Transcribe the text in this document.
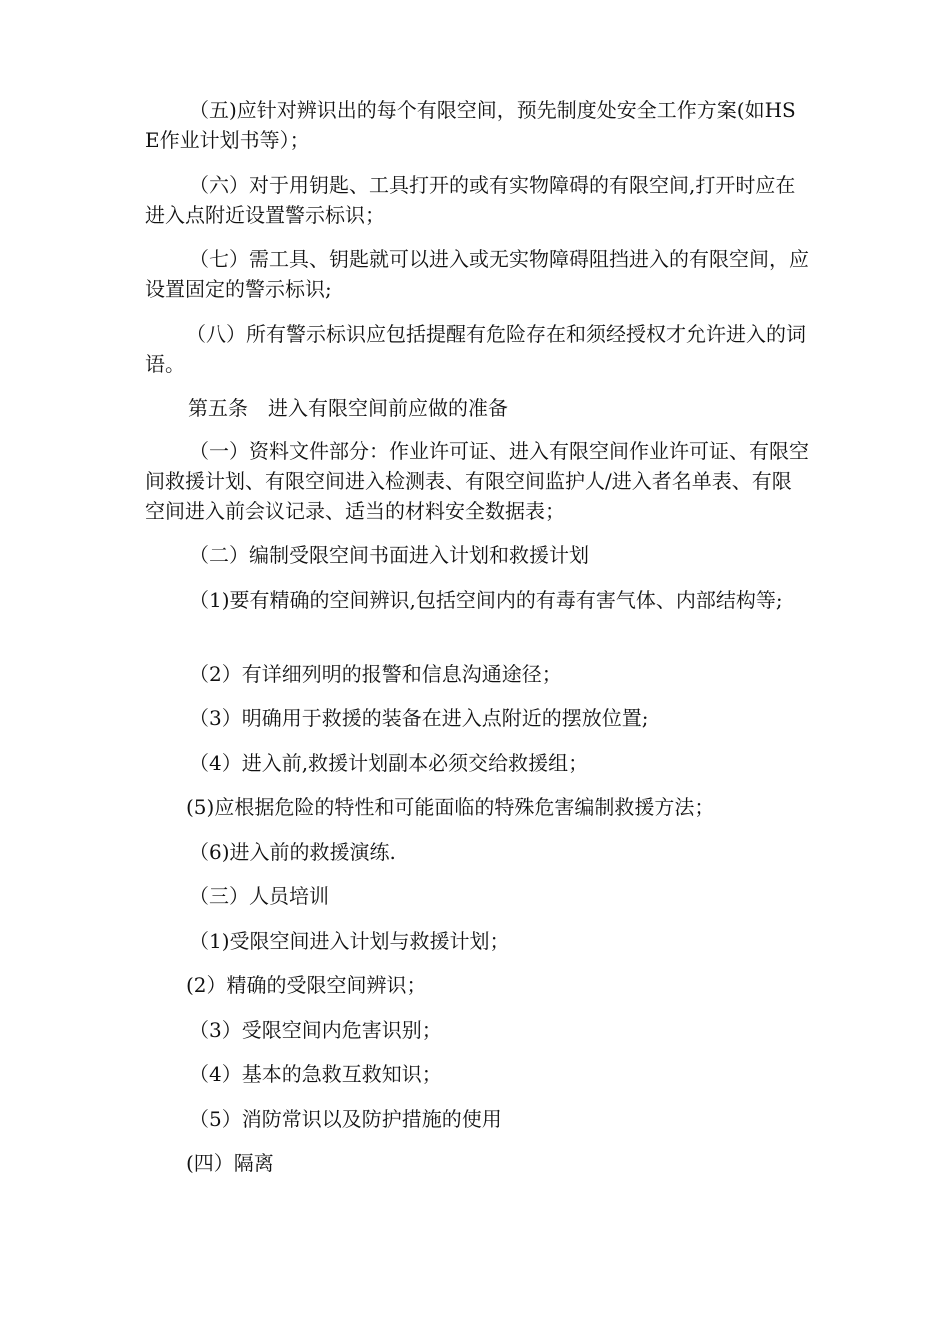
（五)应针对辨识出的每个有限空间，预先制度处安全工作方案(如HSE作业计划书等）；

（六）对于用钥匙、工具打开的或有实物障碍的有限空间,打开时应在进入点附近设置警示标识；

（七）需工具、钥匙就可以进入或无实物障碍阻挡进入的有限空间，应设置固定的警示标识;

（八）所有警示标识应包括提醒有危险存在和须经授权才允许进入的词语。

第五条　进入有限空间前应做的准备

（一）资料文件部分：作业许可证、进入有限空间作业许可证、有限空间救援计划、有限空间进入检测表、有限空间监护人/进入者名单表、有限空间进入前会议记录、适当的材料安全数据表；

（二）编制受限空间书面进入计划和救援计划

（1)要有精确的空间辨识,包括空间内的有毒有害气体、内部结构等;

（2）有详细列明的报警和信息沟通途径；

（3）明确用于救援的装备在进入点附近的摆放位置;

（4）进入前,救援计划副本必须交给救援组；

(5)应根据危险的特性和可能面临的特殊危害编制救援方法；

（6)进入前的救援演练.

（三）人员培训

（1)受限空间进入计划与救援计划；

(2）精确的受限空间辨识；

（3）受限空间内危害识别；

（4）基本的急救互救知识；

（5）消防常识以及防护措施的使用

(四）隔离
